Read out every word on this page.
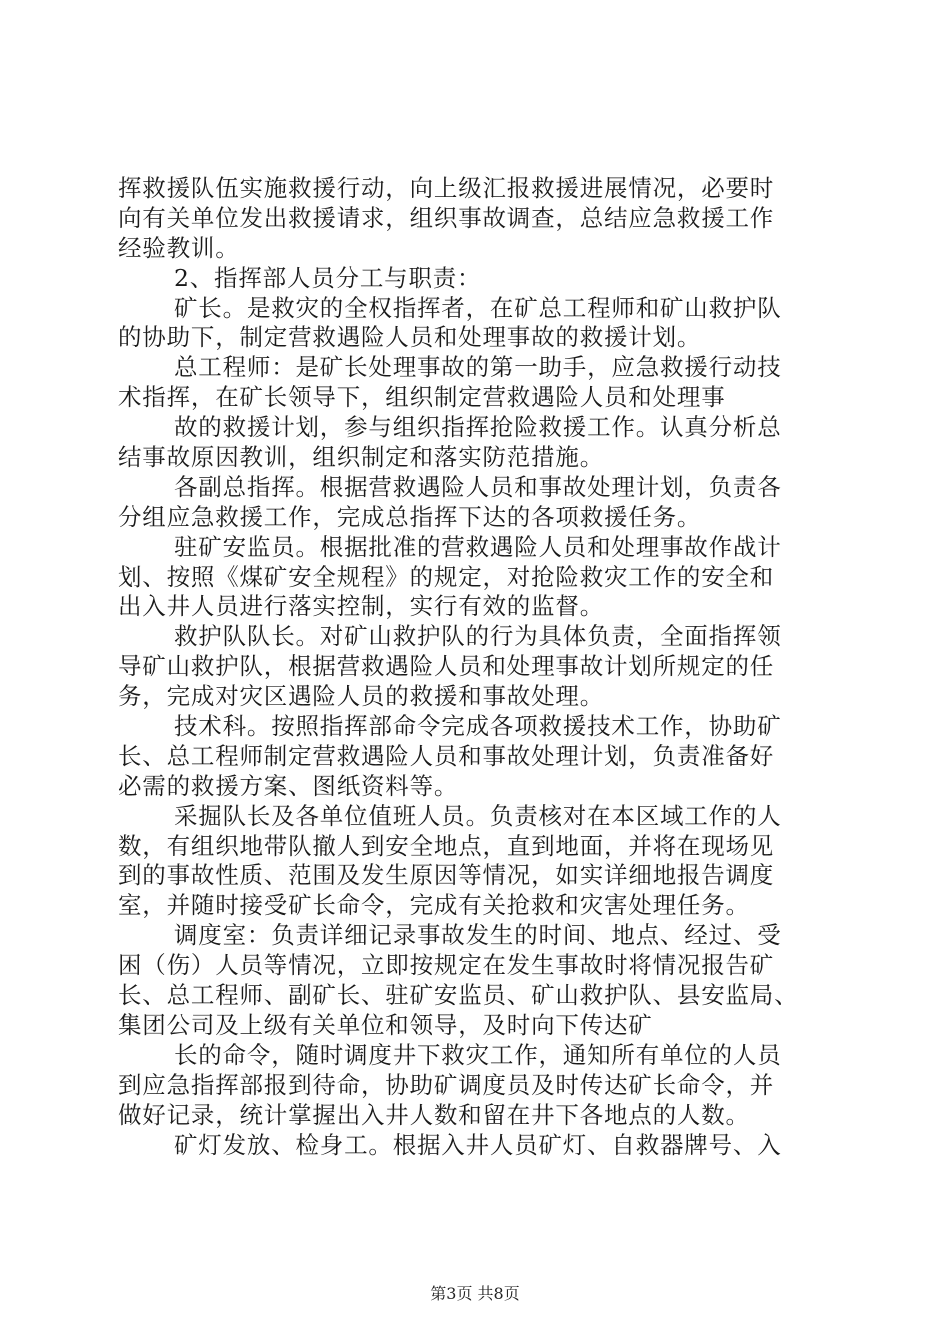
挥救援队伍实施救援行动，向上级汇报救援进展情况，必要时
向有关单位发出救援请求，组织事故调查，总结应急救援工作
经验教训。
2、指挥部人员分工与职责：
矿长。是救灾的全权指挥者，在矿总工程师和矿山救护队
的协助下，制定营救遇险人员和处理事故的救援计划。
总工程师：是矿长处理事故的第一助手，应急救援行动技
术指挥，在矿长领导下，组织制定营救遇险人员和处理事
故的救援计划，参与组织指挥抢险救援工作。认真分析总
结事故原因教训，组织制定和落实防范措施。
各副总指挥。根据营救遇险人员和事故处理计划，负责各
分组应急救援工作，完成总指挥下达的各项救援任务。
驻矿安监员。根据批准的营救遇险人员和处理事故作战计
划、按照《煤矿安全规程》的规定，对抢险救灾工作的安全和
出入井人员进行落实控制，实行有效的监督。
救护队队长。对矿山救护队的行为具体负责，全面指挥领
导矿山救护队，根据营救遇险人员和处理事故计划所规定的任
务，完成对灾区遇险人员的救援和事故处理。
技术科。按照指挥部命令完成各项救援技术工作，协助矿
长、总工程师制定营救遇险人员和事故处理计划，负责准备好
必需的救援方案、图纸资料等。
采掘队长及各单位值班人员。负责核对在本区域工作的人
数，有组织地带队撤人到安全地点，直到地面，并将在现场见
到的事故性质、范围及发生原因等情况，如实详细地报告调度
室，并随时接受矿长命令，完成有关抢救和灾害处理任务。
调度室：负责详细记录事故发生的时间、地点、经过、受
困（伤）人员等情况，立即按规定在发生事故时将情况报告矿
长、总工程师、副矿长、驻矿安监员、矿山救护队、县安监局、
集团公司及上级有关单位和领导，及时向下传达矿
长的命令，随时调度井下救灾工作，通知所有单位的人员
到应急指挥部报到待命，协助矿调度员及时传达矿长命令，并
做好记录，统计掌握出入井人数和留在井下各地点的人数。
矿灯发放、检身工。根据入井人员矿灯、自救器牌号、入
第3页 共8页
